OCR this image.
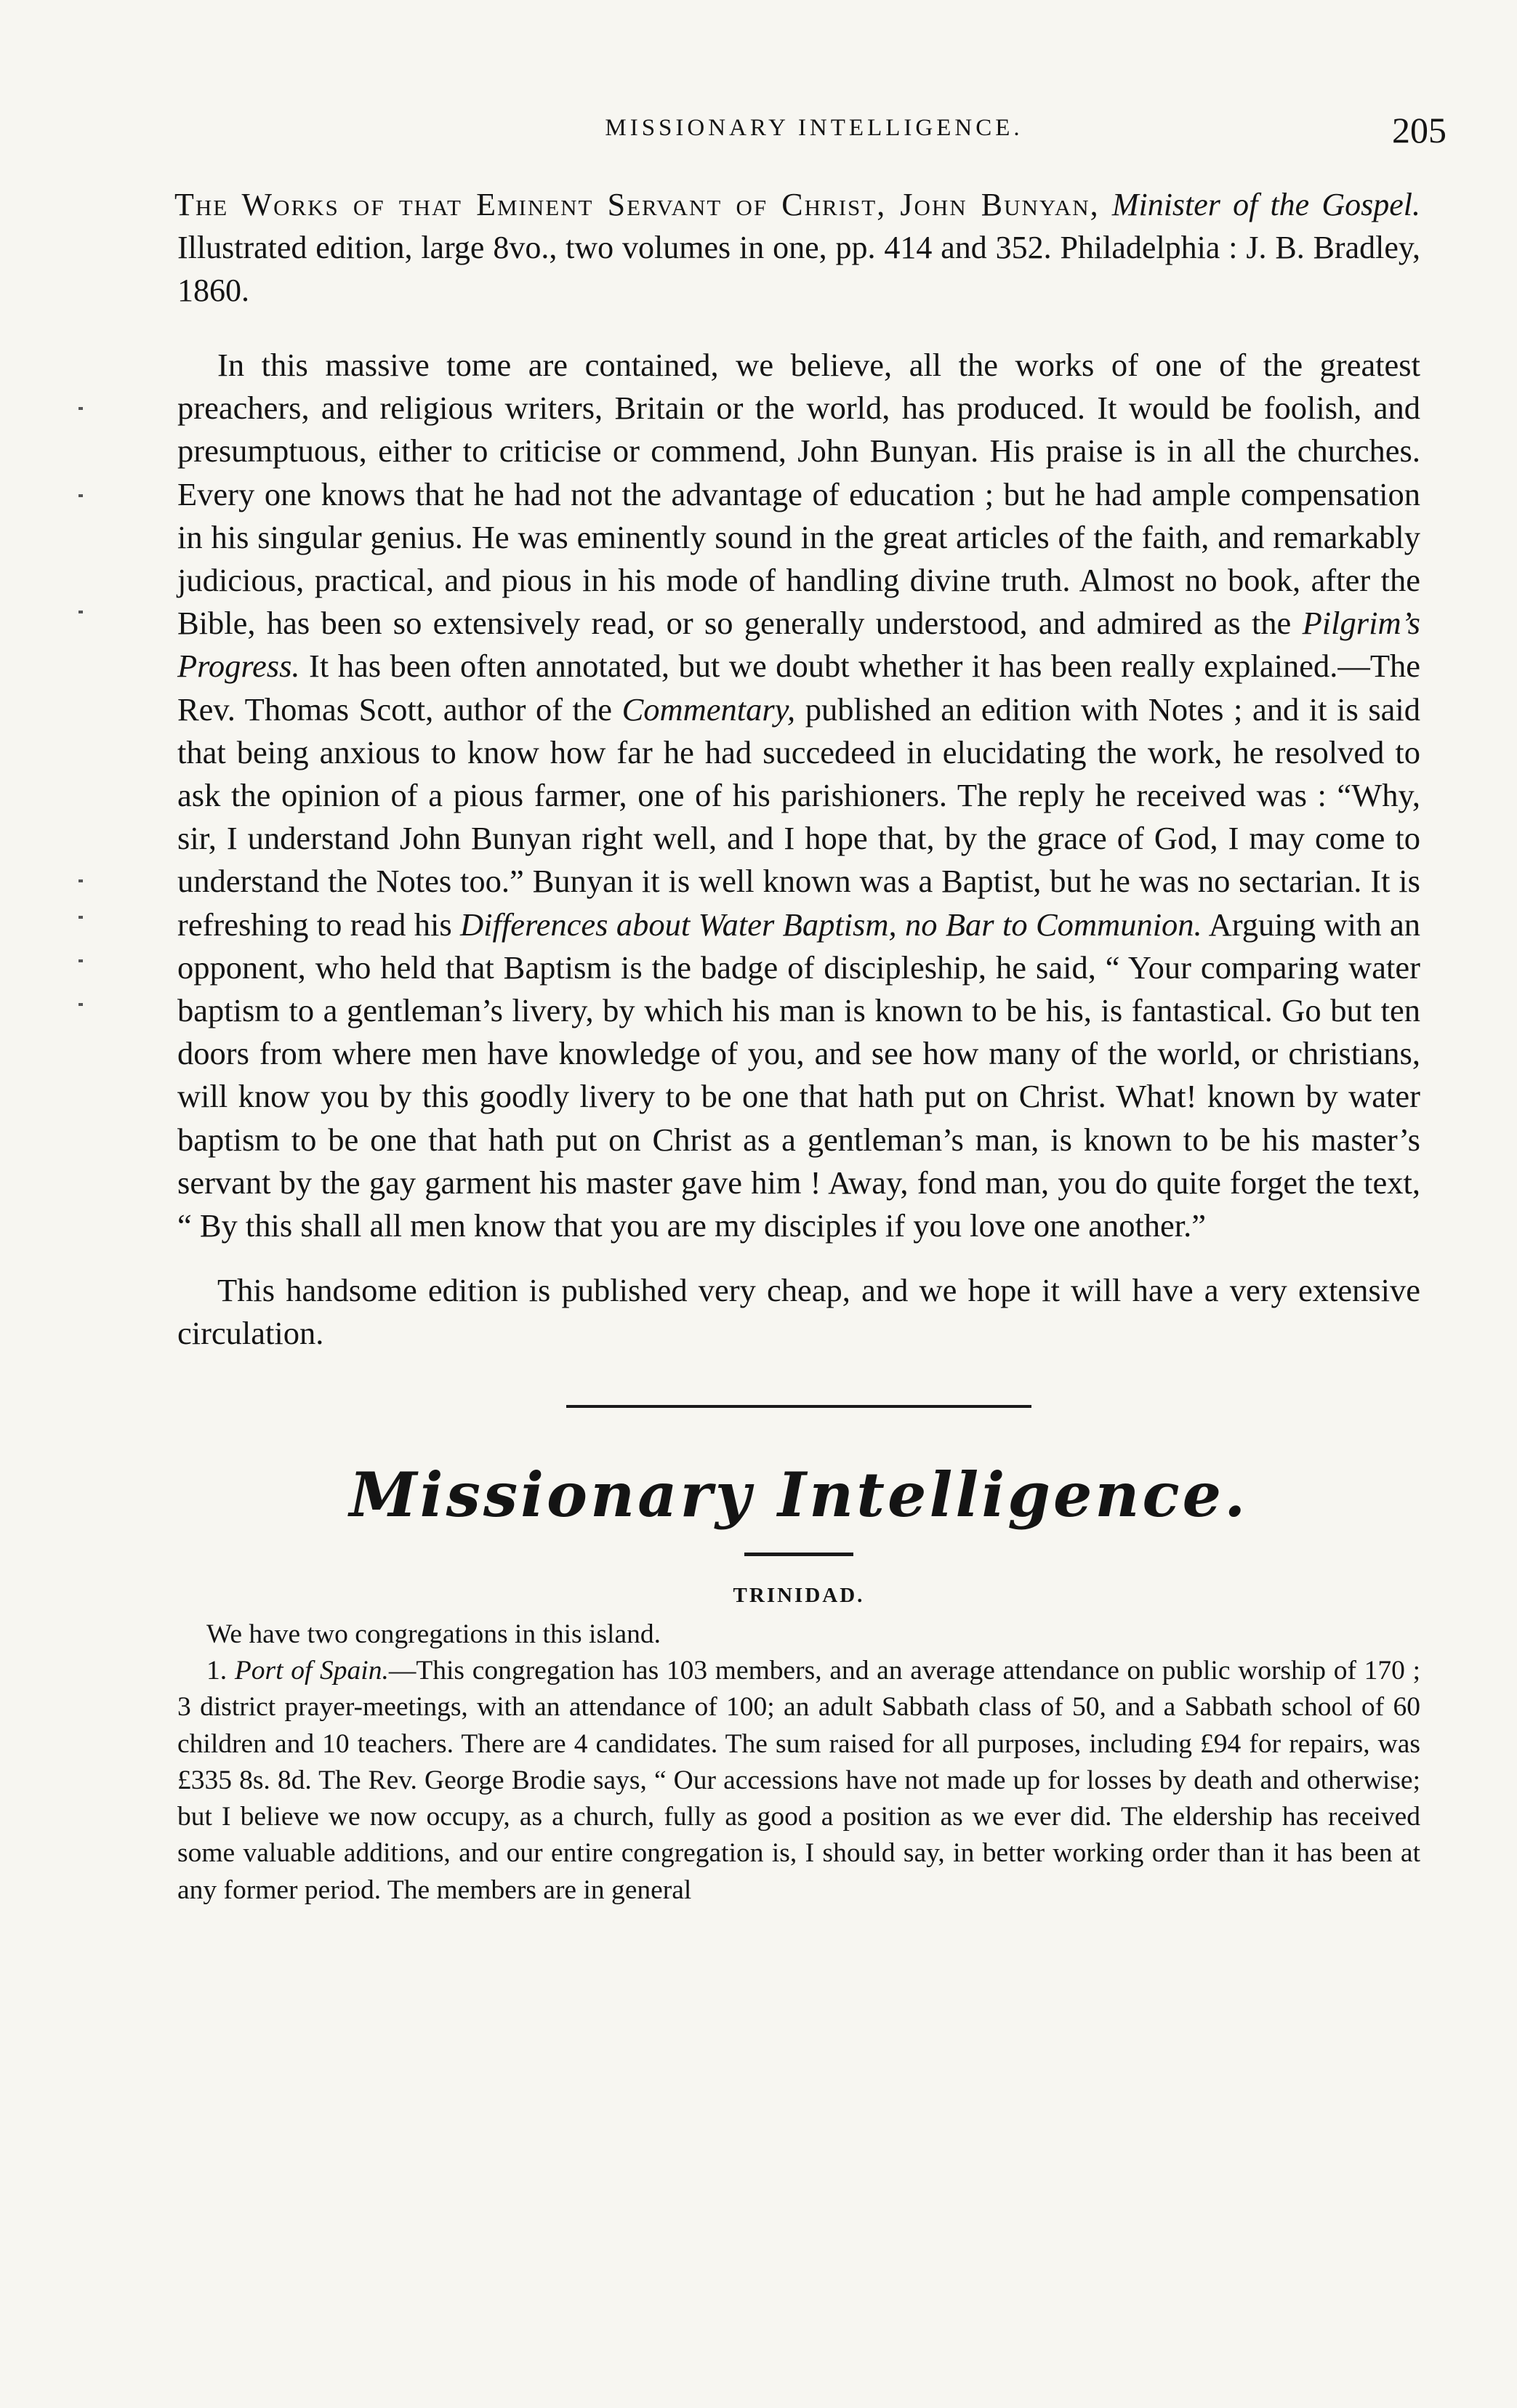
MISSIONARY INTELLIGENCE.	205

The Works of that Eminent Servant of Christ, John Bunyan, Minister of the Gospel. Illustrated edition, large 8vo., two volumes in one, pp. 414 and 352. Philadelphia : J. B. Bradley, 1860.

In this massive tome are contained, we believe, all the works of one of the greatest preachers, and religious writers, Britain or the world, has produced. It would be foolish, and presumptuous, either to criticise or commend, John Bunyan. His praise is in all the churches. Every one knows that he had not the advantage of education ; but he had ample compensation in his singular genius. He was eminently sound in the great articles of the faith, and remarkably judicious, practical, and pious in his mode of handling divine truth. Almost no book, after the Bible, has been so extensively read, or so generally understood, and admired as the Pilgrim’s Progress. It has been often annotated, but we doubt whether it has been really explained.—The Rev. Thomas Scott, author of the Commentary, published an edition with Notes ; and it is said that being anxious to know how far he had succedeed in elucidating the work, he resolved to ask the opinion of a pious farmer, one of his parishioners. The reply he received was : “Why, sir, I understand John Bunyan right well, and I hope that, by the grace of God, I may come to understand the Notes too.” Bunyan it is well known was a Baptist, but he was no sectarian. It is refreshing to read his Differences about Water Baptism, no Bar to Communion. Arguing with an opponent, who held that Baptism is the badge of discipleship, he said, “ Your comparing water baptism to a gentleman’s livery, by which his man is known to be his, is fantastical. Go but ten doors from where men have knowledge of you, and see how many of the world, or christians, will know you by this goodly livery to be one that hath put on Christ. What! known by water baptism to be one that hath put on Christ as a gentleman’s man, is known to be his master’s servant by the gay garment his master gave him ! Away, fond man, you do quite forget the text, “ By this shall all men know that you are my disciples if you love one another.”

This handsome edition is published very cheap, and we hope it will have a very extensive circulation.

Missionary Intelligence.
TRINIDAD.

We have two congregations in this island.

1. Port of Spain.—This congregation has 103 members, and an average attendance on public worship of 170 ; 3 district prayer-meetings, with an attendance of 100; an adult Sabbath class of 50, and a Sabbath school of 60 children and 10 teachers. There are 4 candidates. The sum raised for all purposes, including £94 for repairs, was £335 8s. 8d. The Rev. George Brodie says, “ Our accessions have not made up for losses by death and otherwise; but I believe we now occupy, as a church, fully as good a position as we ever did. The eldership has received some valuable additions, and our entire congregation is, I should say, in better working order than it has been at any former period. The members are in general
